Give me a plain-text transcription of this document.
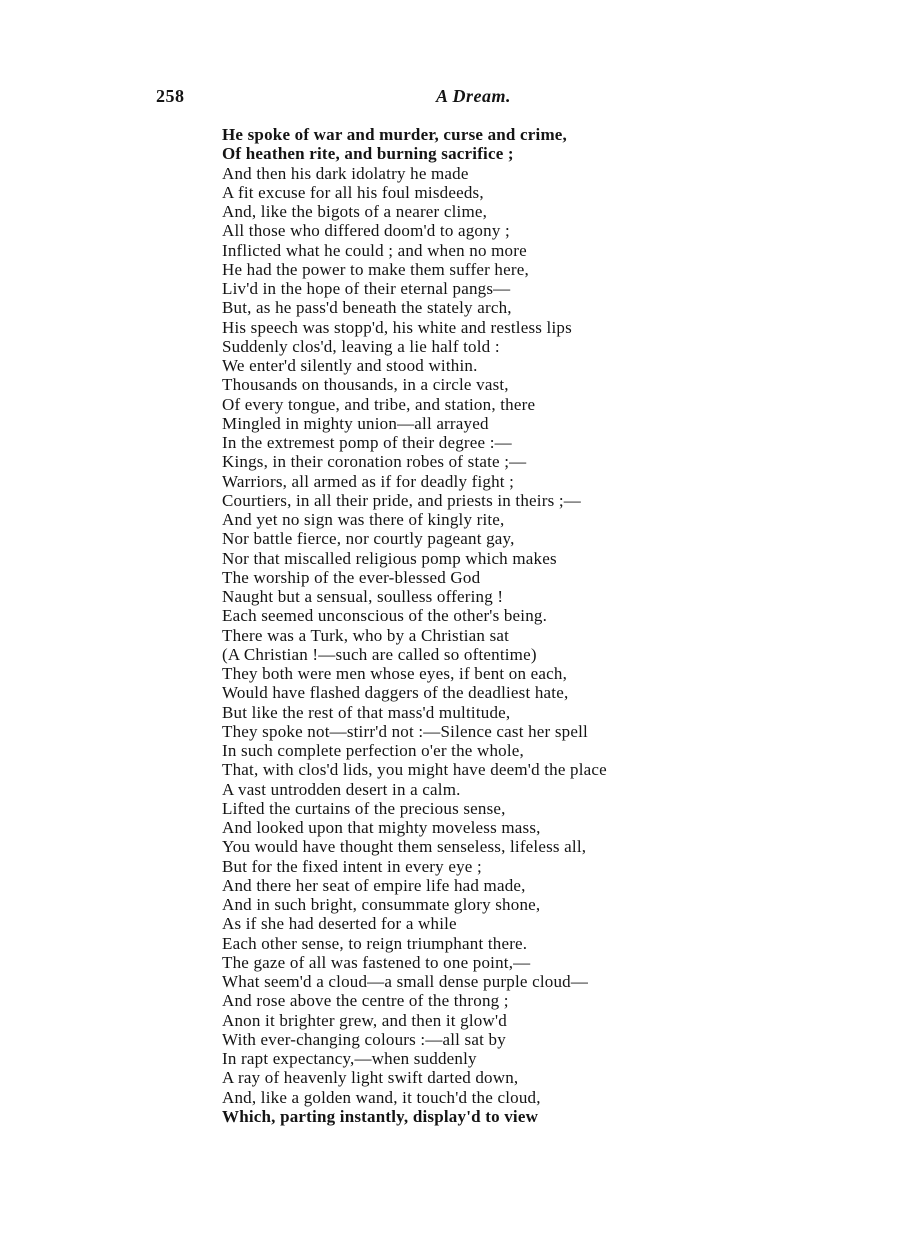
258	A Dream.
He spoke of war and murder, curse and crime,
Of heathen rite, and burning sacrifice ;
And then his dark idolatry he made
A fit excuse for all his foul misdeeds,
And, like the bigots of a nearer clime,
All those who differed doom'd to agony ;
Inflicted what he could ; and when no more
He had the power to make them suffer here,
Liv'd in the hope of their eternal pangs—
But, as he pass'd beneath the stately arch,
His speech was stopp'd, his white and restless lips
Suddenly clos'd, leaving a lie half told :
We enter'd silently and stood within.
Thousands on thousands, in a circle vast,
Of every tongue, and tribe, and station, there
Mingled in mighty union—all arrayed
In the extremest pomp of their degree :—
Kings, in their coronation robes of state ;—
Warriors, all armed as if for deadly fight ;
Courtiers, in all their pride, and priests in theirs ;—
And yet no sign was there of kingly rite,
Nor battle fierce, nor courtly pageant gay,
Nor that miscalled religious pomp which makes
The worship of the ever-blessed God
Naught but a sensual, soulless offering !
Each seemed unconscious of the other's being.
There was a Turk, who by a Christian sat
(A Christian !—such are called so oftentime)
They both were men whose eyes, if bent on each,
Would have flashed daggers of the deadliest hate,
But like the rest of that mass'd multitude,
They spoke not—stirr'd not :—Silence cast her spell
In such complete perfection o'er the whole,
That, with clos'd lids, you might have deem'd the place
A vast untrodden desert in a calm.
Lifted the curtains of the precious sense,
And looked upon that mighty moveless mass,
You would have thought them senseless, lifeless all,
But for the fixed intent in every eye ;
And there her seat of empire life had made,
And in such bright, consummate glory shone,
As if she had deserted for a while
Each other sense, to reign triumphant there.
The gaze of all was fastened to one point,—
What seem'd a cloud—a small dense purple cloud—
And rose above the centre of the throng ;
Anon it brighter grew, and then it glow'd
With ever-changing colours :—all sat by
In rapt expectancy,—when suddenly
A ray of heavenly light swift darted down,
And, like a golden wand, it touch'd the cloud,
Which, parting instantly, display'd to view
